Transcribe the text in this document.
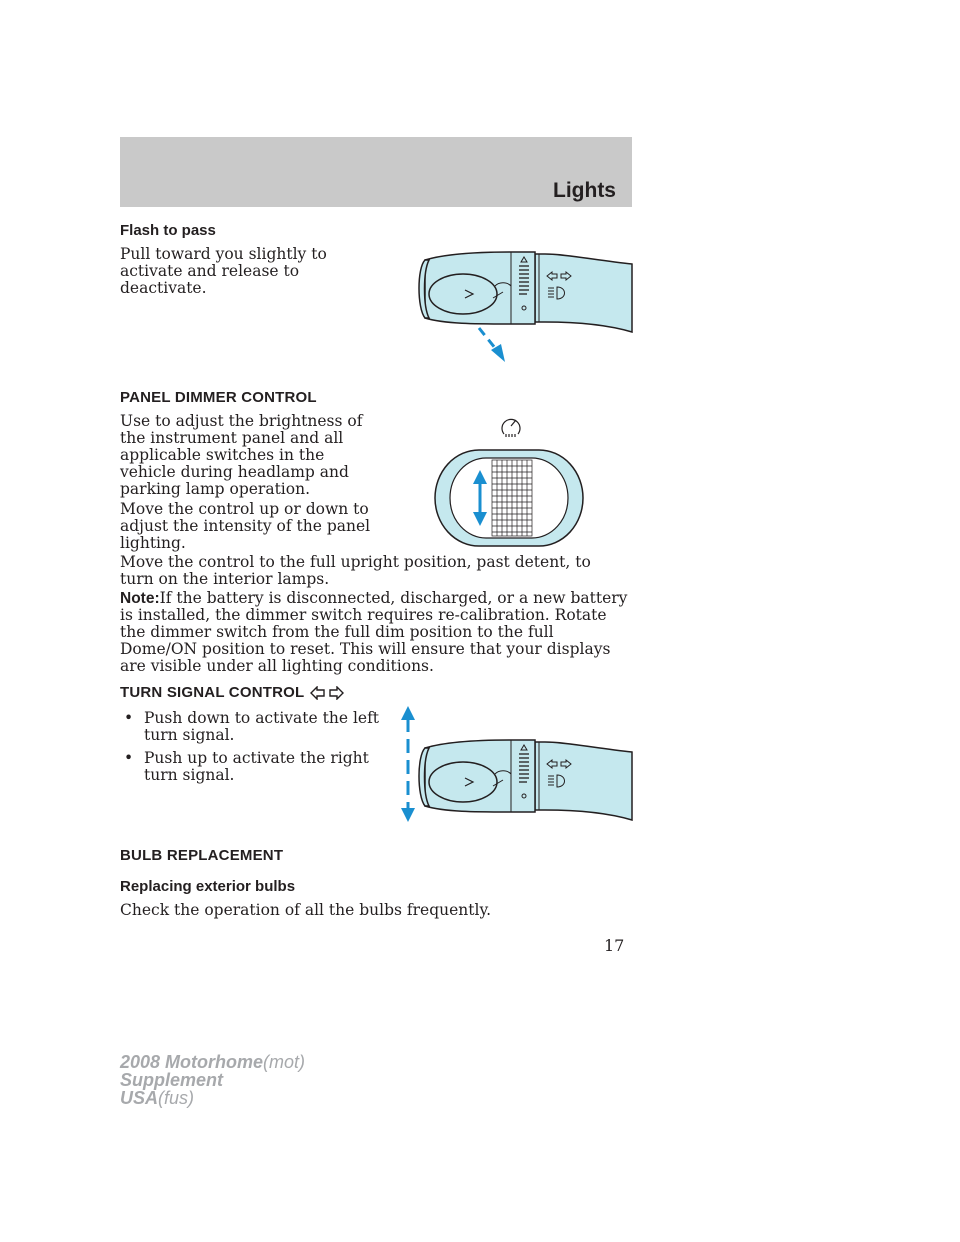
Lights
Flash to pass

Pull toward you slightly to activate and release to deactivate.

PANEL DIMMER CONTROL

Use to adjust the brightness of the instrument panel and all applicable switches in the vehicle during headlamp and parking lamp operation.

Move the control up or down to adjust the intensity of the panel lighting.

Move the control to the full upright position, past detent, to turn on the interior lamps.

Note:If the battery is disconnected, discharged, or a new battery is installed, the dimmer switch requires re-calibration. Rotate the dimmer switch from the full dim position to the full Dome/ON position to reset. This will ensure that your displays are visible under all lighting conditions.

TURN SIGNAL CONTROL
• Push down to activate the left turn signal.
• Push up to activate the right turn signal.
BULB REPLACEMENT
Replacing exterior bulbs

Check the operation of all the bulbs frequently.

17
2008 Motorhome(mot)
Supplement
USA(fus)
